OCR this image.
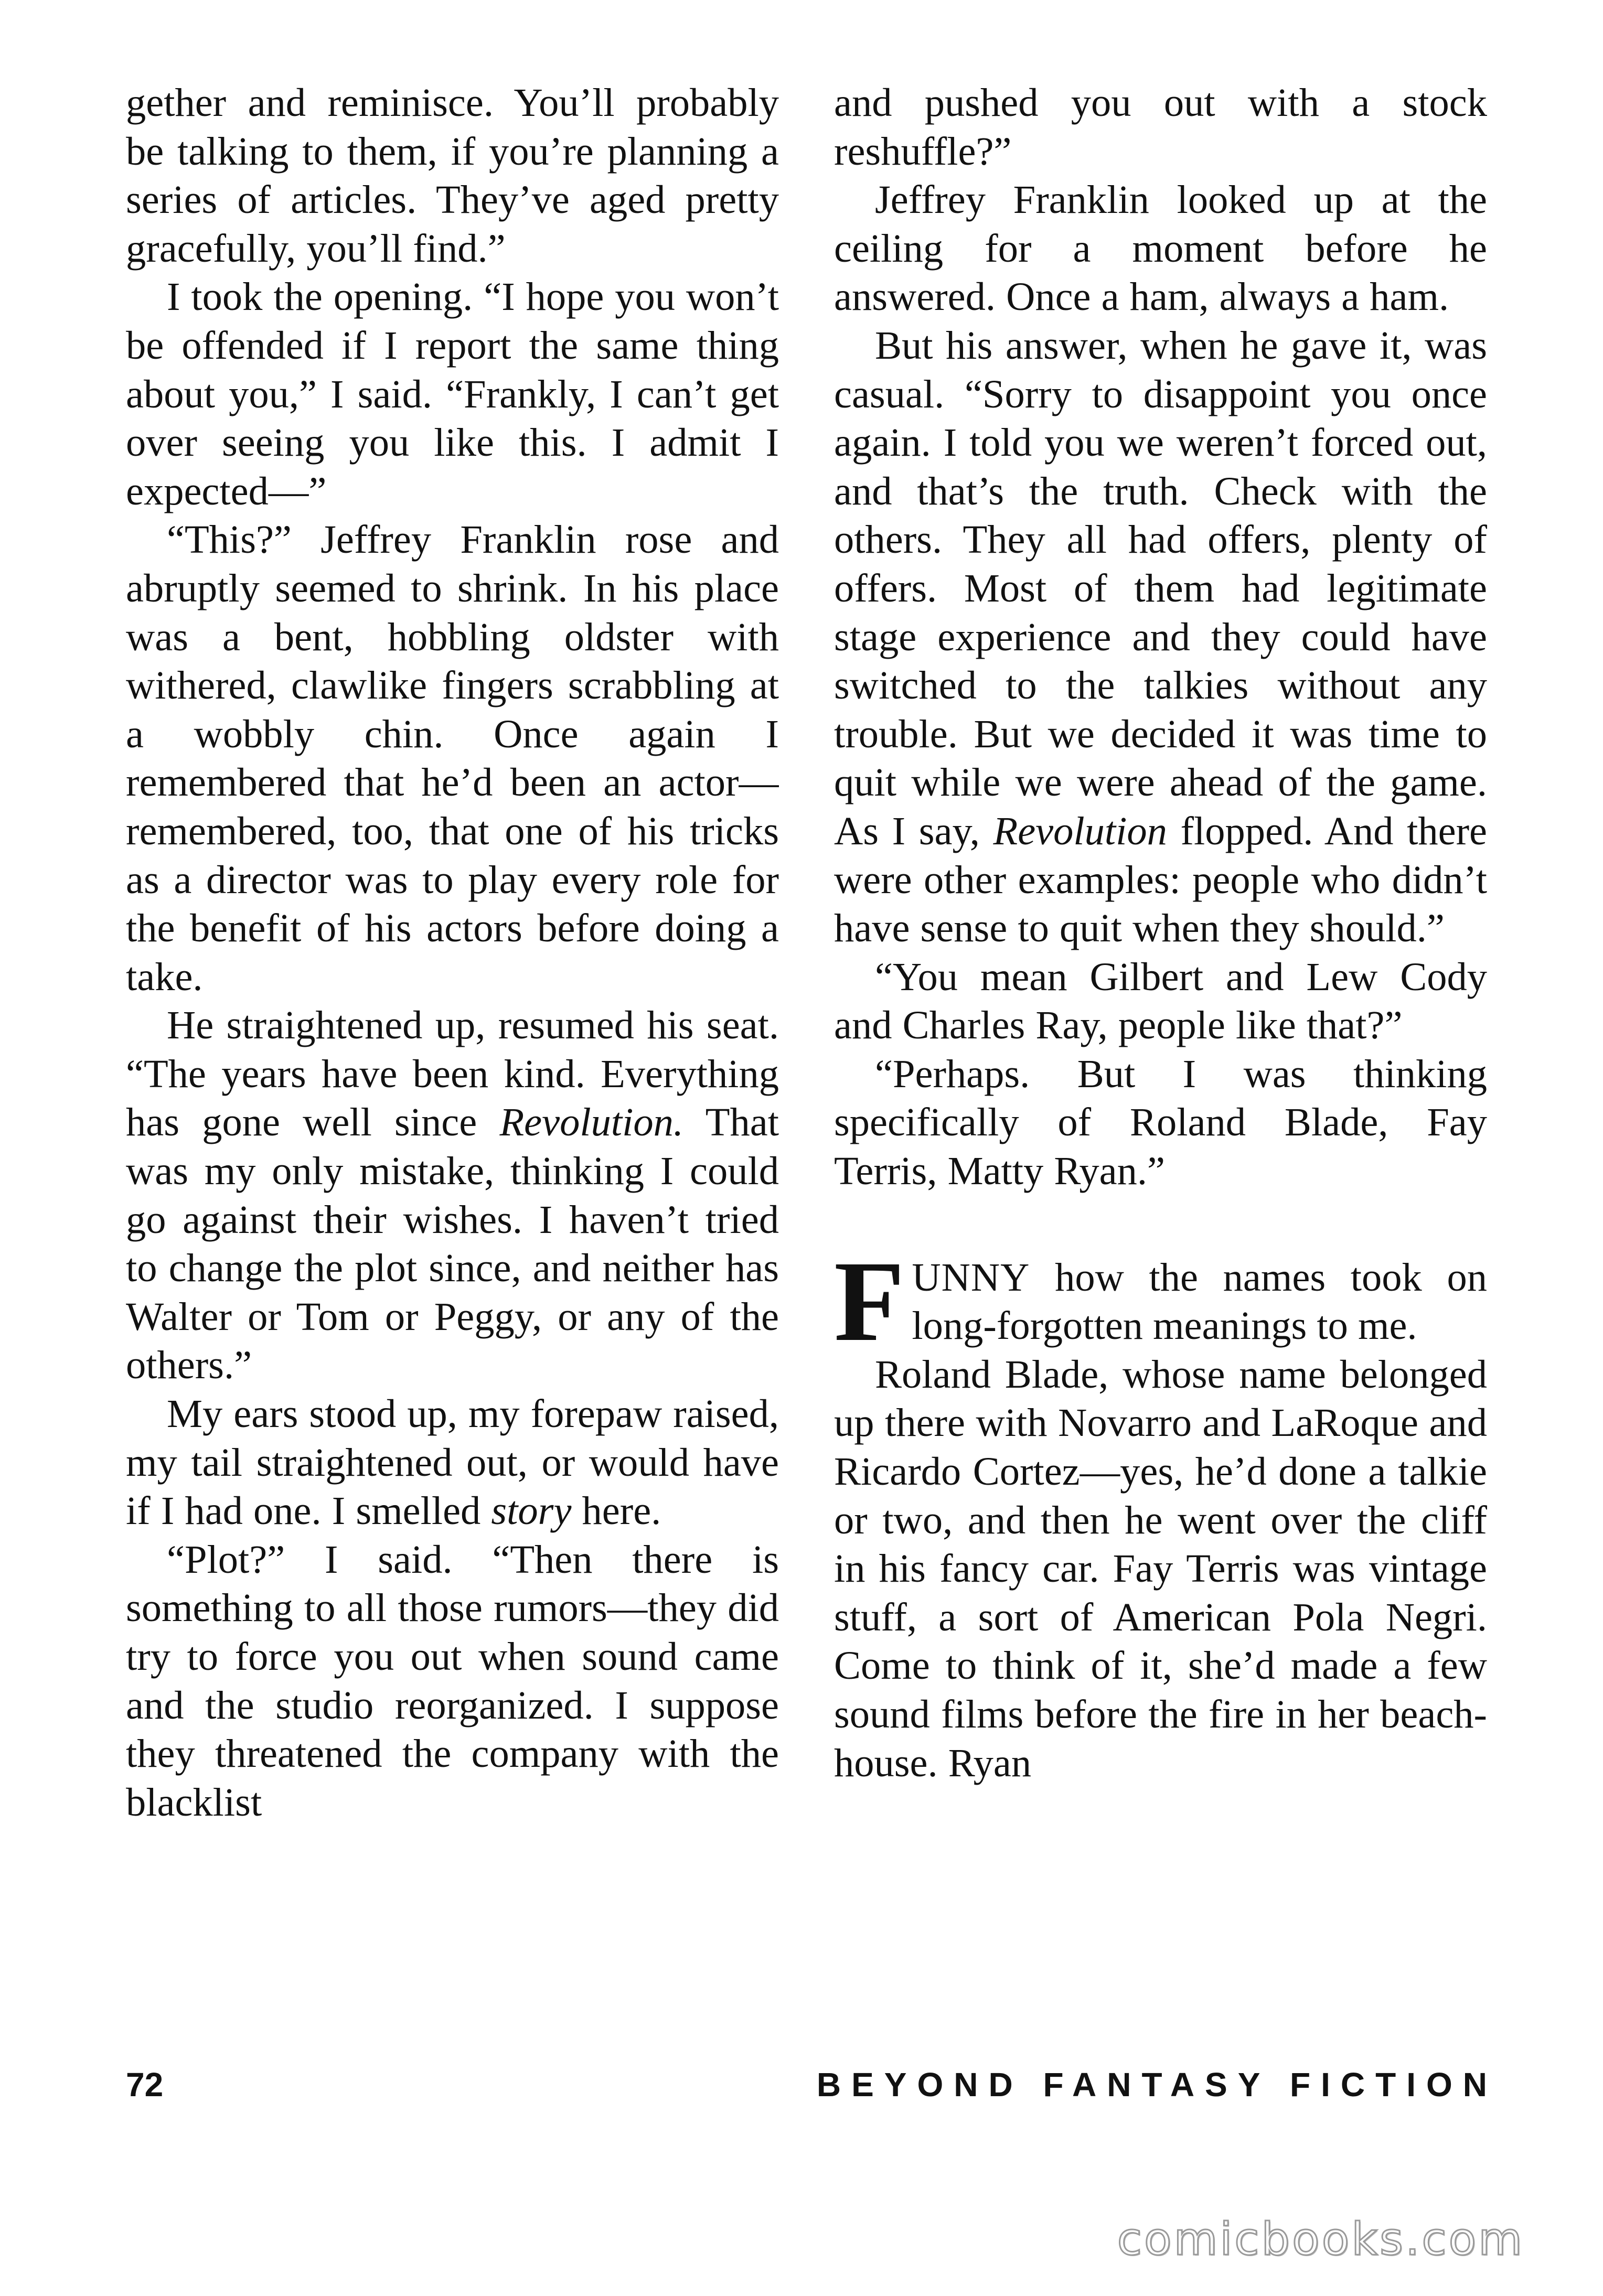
gether and reminisce. You’ll probably be talking to them, if you’re planning a series of articles. They’ve aged pretty gracefully, you’ll find.”

I took the opening. “I hope you won’t be offended if I report the same thing about you,” I said. “Frankly, I can’t get over seeing you like this. I admit I expected—”

“This?” Jeffrey Franklin rose and abruptly seemed to shrink. In his place was a bent, hobbling oldster with withered, clawlike fingers scrabbling at a wobbly chin. Once again I remembered that he’d been an actor—remembered, too, that one of his tricks as a director was to play every role for the benefit of his actors before doing a take.

He straightened up, resumed his seat. “The years have been kind. Everything has gone well since Revolution. That was my only mistake, thinking I could go against their wishes. I haven’t tried to change the plot since, and neither has Walter or Tom or Peggy, or any of the others.”

My ears stood up, my forepaw raised, my tail straightened out, or would have if I had one. I smelled story here.

“Plot?” I said. “Then there is something to all those rumors—they did try to force you out when sound came and the studio reorganized. I suppose they threatened the company with the blacklist

and pushed you out with a stock reshuffle?”

Jeffrey Franklin looked up at the ceiling for a moment before he answered. Once a ham, always a ham.

But his answer, when he gave it, was casual. “Sorry to disappoint you once again. I told you we weren’t forced out, and that’s the truth. Check with the others. They all had offers, plenty of offers. Most of them had legitimate stage experience and they could have switched to the talkies without any trouble. But we decided it was time to quit while we were ahead of the game. As I say, Revolution flopped. And there were other examples: people who didn’t have sense to quit when they should.”

“You mean Gilbert and Lew Cody and Charles Ray, people like that?”

“Perhaps. But I was thinking specifically of Roland Blade, Fay Terris, Matty Ryan.”

FUNNY how the names took on long-forgotten meanings to me.

Roland Blade, whose name belonged up there with Novarro and LaRoque and Ricardo Cortez—yes, he’d done a talkie or two, and then he went over the cliff in his fancy car. Fay Terris was vintage stuff, a sort of American Pola Negri. Come to think of it, she’d made a few sound films before the fire in her beach-house. Ryan

72	BEYOND FANTASY FICTION
comicbooks.com
